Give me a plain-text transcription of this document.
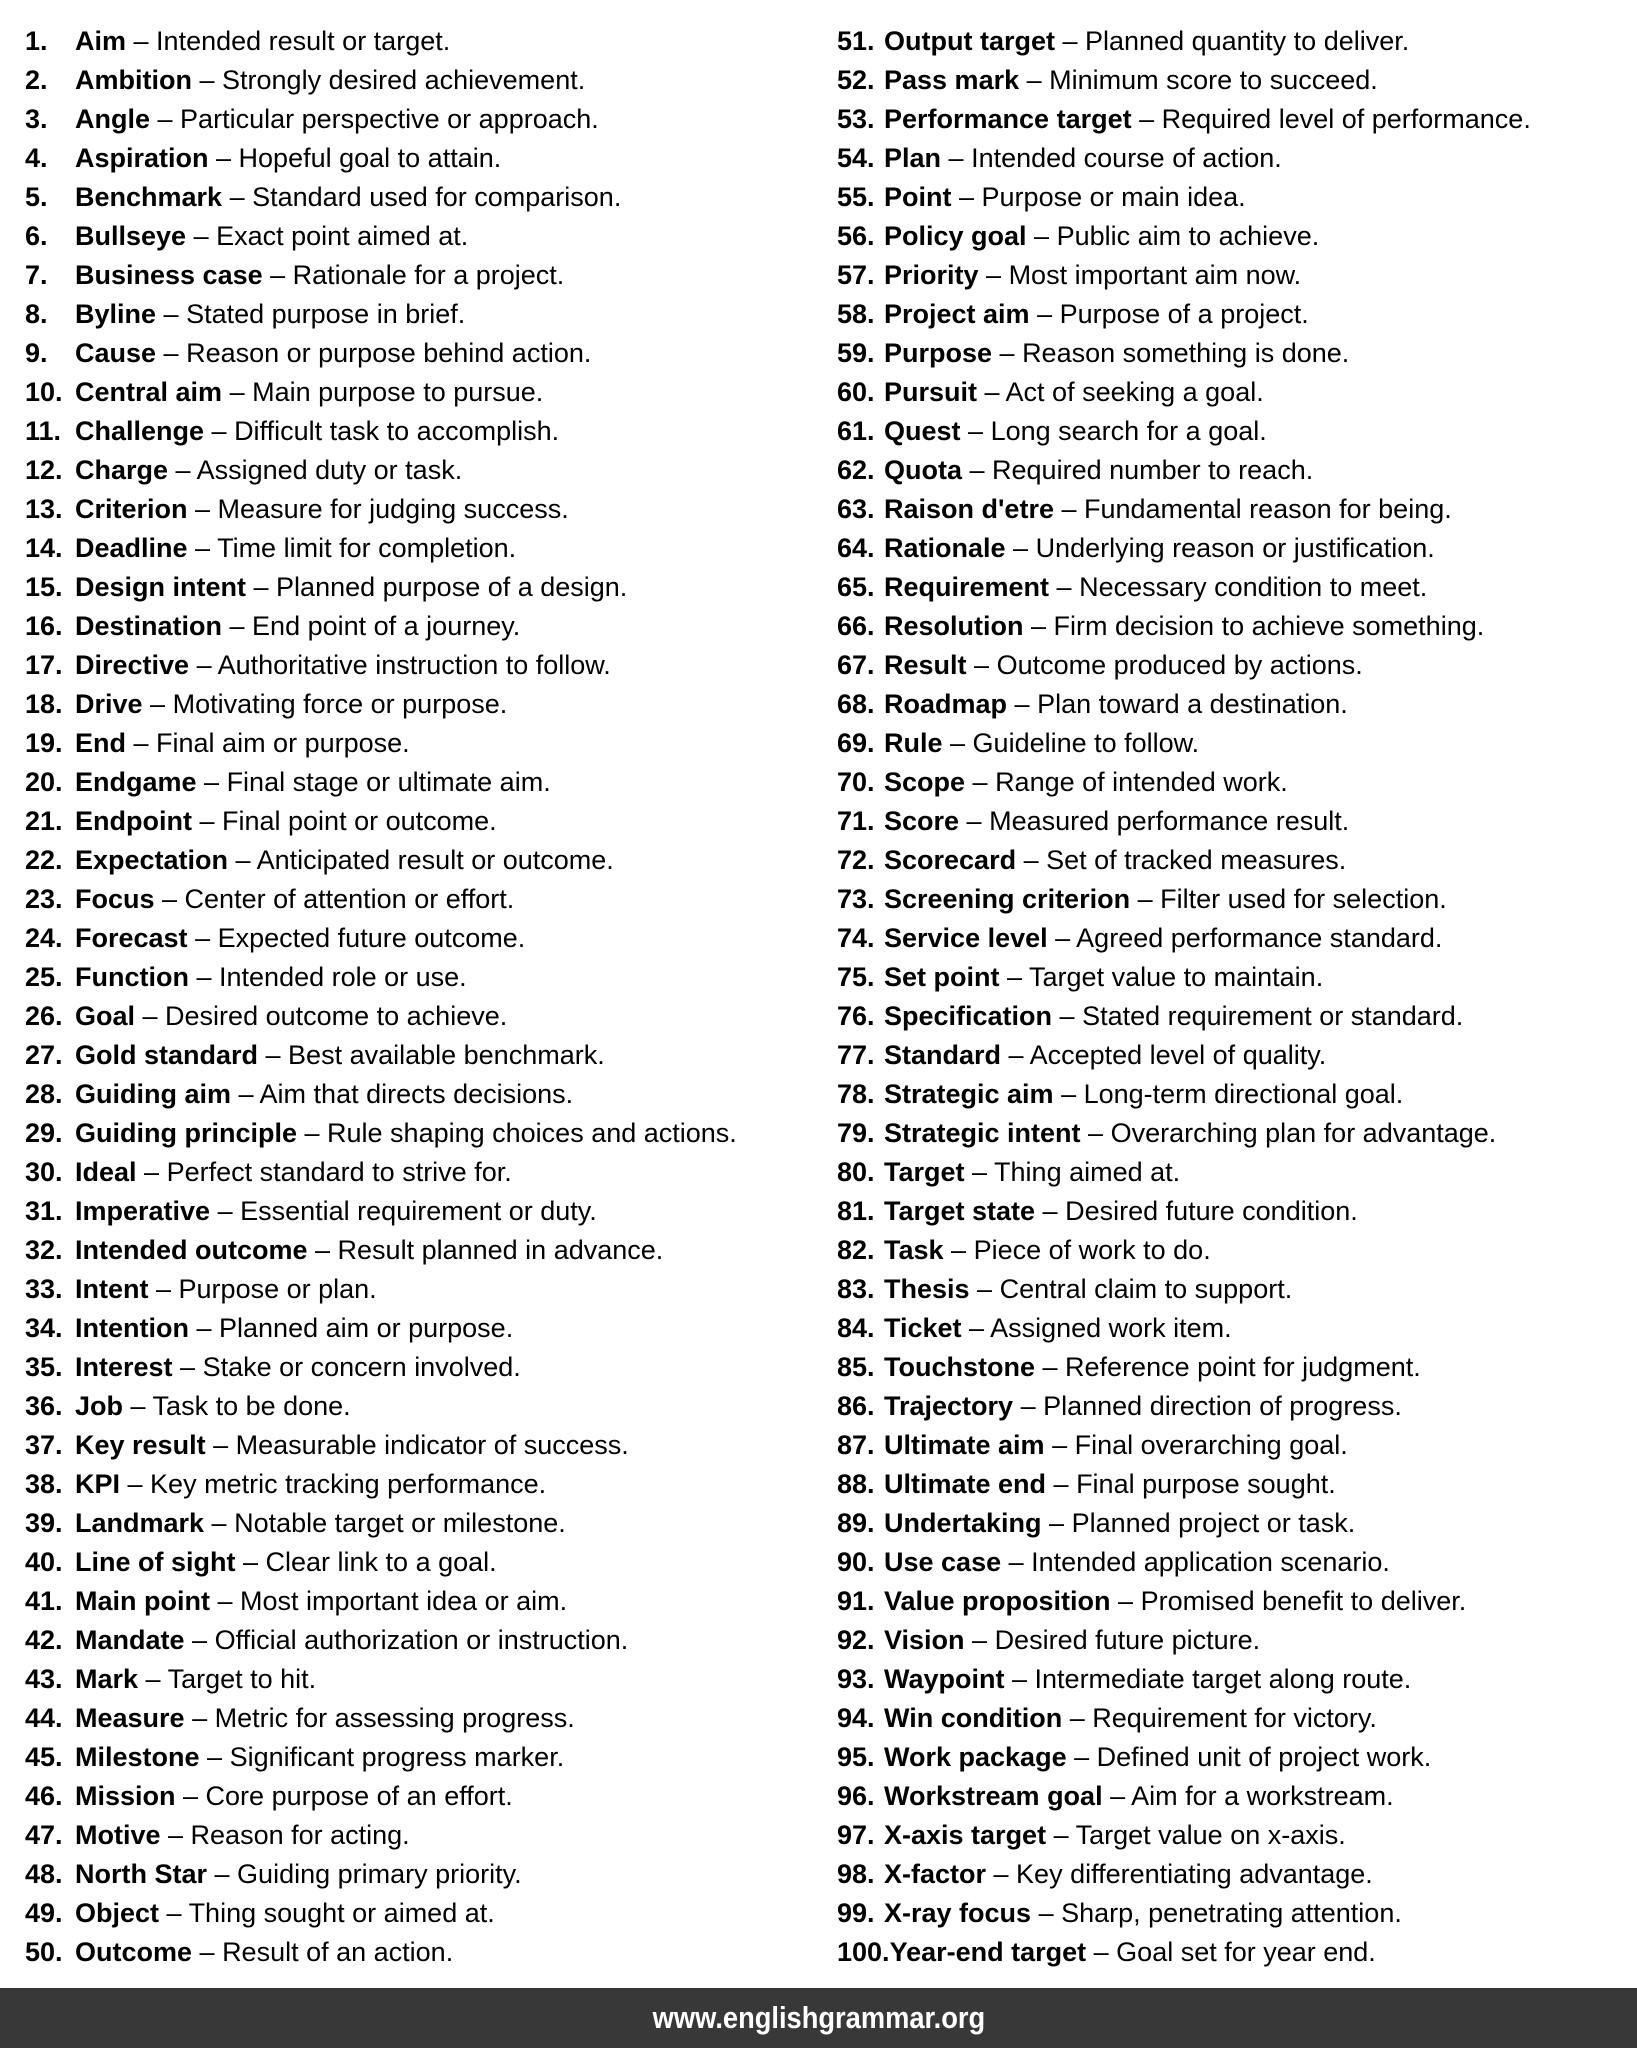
1.	Aim – Intended result or target.
2.	Ambition – Strongly desired achievement.
3.	Angle – Particular perspective or approach.
4.	Aspiration – Hopeful goal to attain.
5.	Benchmark – Standard used for comparison.
6.	Bullseye – Exact point aimed at.
7.	Business case – Rationale for a project.
8.	Byline – Stated purpose in brief.
9.	Cause – Reason or purpose behind action.
10. Central aim – Main purpose to pursue.
11. Challenge – Difficult task to accomplish.
12. Charge – Assigned duty or task.
13. Criterion – Measure for judging success.
14. Deadline – Time limit for completion.
15. Design intent – Planned purpose of a design.
16. Destination – End point of a journey.
17. Directive – Authoritative instruction to follow.
18. Drive – Motivating force or purpose.
19. End – Final aim or purpose.
20. Endgame – Final stage or ultimate aim.
21. Endpoint – Final point or outcome.
22. Expectation – Anticipated result or outcome.
23. Focus – Center of attention or effort.
24. Forecast – Expected future outcome.
25. Function – Intended role or use.
26. Goal – Desired outcome to achieve.
27. Gold standard – Best available benchmark.
28. Guiding aim – Aim that directs decisions.
29. Guiding principle – Rule shaping choices and actions.
30. Ideal – Perfect standard to strive for.
31. Imperative – Essential requirement or duty.
32. Intended outcome – Result planned in advance.
33. Intent – Purpose or plan.
34. Intention – Planned aim or purpose.
35. Interest – Stake or concern involved.
36. Job – Task to be done.
37. Key result – Measurable indicator of success.
38. KPI – Key metric tracking performance.
39. Landmark – Notable target or milestone.
40. Line of sight – Clear link to a goal.
41. Main point – Most important idea or aim.
42. Mandate – Official authorization or instruction.
43. Mark – Target to hit.
44. Measure – Metric for assessing progress.
45. Milestone – Significant progress marker.
46. Mission – Core purpose of an effort.
47. Motive – Reason for acting.
48. North Star – Guiding primary priority.
49. Object – Thing sought or aimed at.
50. Outcome – Result of an action.
51. Output target – Planned quantity to deliver.
52. Pass mark – Minimum score to succeed.
53. Performance target – Required level of performance.
54. Plan – Intended course of action.
55. Point – Purpose or main idea.
56. Policy goal – Public aim to achieve.
57. Priority – Most important aim now.
58. Project aim – Purpose of a project.
59. Purpose – Reason something is done.
60. Pursuit – Act of seeking a goal.
61. Quest – Long search for a goal.
62. Quota – Required number to reach.
63. Raison d'etre – Fundamental reason for being.
64. Rationale – Underlying reason or justification.
65. Requirement – Necessary condition to meet.
66. Resolution – Firm decision to achieve something.
67. Result – Outcome produced by actions.
68. Roadmap – Plan toward a destination.
69. Rule – Guideline to follow.
70. Scope – Range of intended work.
71. Score – Measured performance result.
72. Scorecard – Set of tracked measures.
73. Screening criterion – Filter used for selection.
74. Service level – Agreed performance standard.
75. Set point – Target value to maintain.
76. Specification – Stated requirement or standard.
77. Standard – Accepted level of quality.
78. Strategic aim – Long-term directional goal.
79. Strategic intent – Overarching plan for advantage.
80. Target – Thing aimed at.
81. Target state – Desired future condition.
82. Task – Piece of work to do.
83. Thesis – Central claim to support.
84. Ticket – Assigned work item.
85. Touchstone – Reference point for judgment.
86. Trajectory – Planned direction of progress.
87. Ultimate aim – Final overarching goal.
88. Ultimate end – Final purpose sought.
89. Undertaking – Planned project or task.
90. Use case – Intended application scenario.
91. Value proposition – Promised benefit to deliver.
92. Vision – Desired future picture.
93. Waypoint – Intermediate target along route.
94. Win condition – Requirement for victory.
95. Work package – Defined unit of project work.
96. Workstream goal – Aim for a workstream.
97. X-axis target – Target value on x-axis.
98. X-factor – Key differentiating advantage.
99. X-ray focus – Sharp, penetrating attention.
100. Year-end target – Goal set for year end.
www.englishgrammar.org
